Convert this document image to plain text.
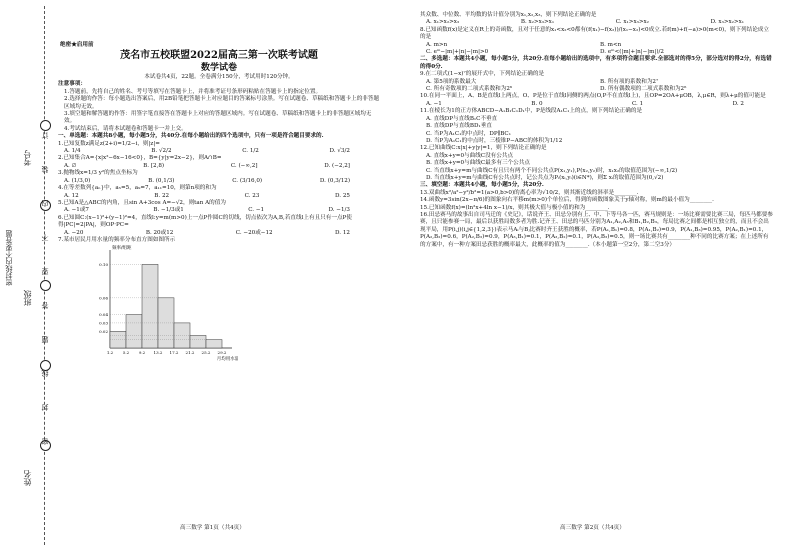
考号
班级
姓名
密封线内不要答题
订
装
内
不
要
答
题
线
封
密
绝密★启用前
茂名市五校联盟2022届高三第一次联考试题
数学试卷
本试卷共4页，22题。全卷满分150分，考试用时120分钟。
注意事项：
1.答题前，先将自己的姓名、考号等填写在答题卡上，并将准考证号条形码粘贴在答题卡上的指定位置。
2.选择题的作答：每小题选出答案后，用2B铅笔把答题卡上对应题目的答案标号涂黑。写在试题卷、草稿纸和答题卡上的非答题区域均无效。
3.填空题和解答题的作答：用签字笔直接答在答题卡上对应的答题区域内。写在试题卷、草稿纸和答题卡上的非答题区域均无效。
4.考试结束后，请将本试题卷和答题卡一并上交。
一、单选题：本题共8小题，每小题5分，共40分.在每小题给出的四个选项中，只有一项是符合题目要求的.
1.已知复数z满足z(2+i)=1/2−i，则|z|=
A. 1/4	B. √2/2	C. 1/2	D. √3/2
2.已知集合A={x|x²−6x−16<0}，B={y|y=2x−2}，则A∩B=
A. ∅	B. [2,8)	C. (−∞,2]	D. (−2,2]
3.抛物线x=1/3 y²的焦点坐标为
A. (1/3,0)	B. (0,1/3)	C. (3/16,0)	D. (0,3/12)
4.在等差数列{aₙ}中，a₅=5，a₉=7，a₁₁=10，则第n项的和为
A. 12	B. 22	C. 23	D. 25
5.已知A是△ABC的内角，且sin A+3cos A=−√2，则tan A的值为
A. −1或7	B. −1/3或1	C. −1	D. −1/3
6.已知圆C:(x−1)²+(y−1)²=4，直线l:y=m(m>0)上一点P作圆C的切线，切点依次为A,B,若直线l上有且只有一点P使得|PC|=2|PA|，则OP·PC=
A. −20	B. 20或12	C. −20或−12	D. 12
7.某市居民月用水量的频率分布直方图如图所示
1.2 5.2 9.2 13.2 17.2 21.2 25.2 29.2
0.02
0.03
0.04
0.06
0.10
频率/组距
月均用水量
其众数、中位数、平均数的估计值分别为x₁,x₂,x₃，则下列结论正确的是
A. x₁>x₂>x₃	B. x₂>x₃>x₁	C. x₁>x₃>x₂	D. x₃>x₂>x₁
8.已知函数f(x)是定义在R上的奇函数，且对于任意的x₁<x₂<0都有(f(x₁)−f(x₂))/(x₁−x₂)<0成立.若f(m)+f(−a)>0(m<0)，则下列结论成立的是
A. m>n	B. m<n
C. eᵐ−|m|+|n|−|m|>0	D. eᵐ<(|m|+|n|−|m|)/2
二、多选题：本题共4小题，每小题5分，共20分.在每小题给出的选项中，有多项符合题目要求.全部选对的得5分，部分选对的得2分，有选错的得0分.
9.在二项式(1−x)⁷的展开式中，下列结论正确的是
A. 第5项的系数最大	B. 所有项的系数和为2⁷
C. 所有奇数项的二项式系数和为2⁶	D. 所有偶数项的二项式系数和为2⁶
10.在同一平面上，A、B是直线l上两点，O、P是位于直线l同侧的两点(O,P不在直线l上)，且OP=2OA+μOB，λ,μ∈R，则λ+μ的值可能是
A. −1	B. 0	C. 1	D. 2
11.在棱长为1的正方体ABCD−A₁B₁C₁D₁中，P是线段A₁C₁上的点，则下列结论正确的是
A. 直线DP与直线B₁C不垂直
B. 直线DP与直线BD₁垂直
C. 当P为A₁C₁的中点时，DP∥BC₁
D. 当P为A₁C₁的中点时，三棱锥P−ABC的体积为1/12
12.已知曲线C:x|x|+y|y|=1，则下列结论正确的是
A. 直线x+y=0与曲线C没有公共点
B. 直线x+y=0与曲线C最多有三个公共点
C. 当直线x+y=m与曲线C有且只有两个不同公共点P(x₁,y₁),P(x₂,y₂)时，x₁x₂的取值范围为(−∞,1/2)
D. 当直线x+y=m与曲线C有公共点时，记公共点为Pᵢ(xᵢ,yᵢ)(i∈N*)，则Σ xᵢ的取值范围为(0,√2)
三、填空题：本题共4小题，每小题5分，共20分.
13.双曲线x²/a²−y²/b²=1(a>0,b>0)的离心率为√10/2，则其渐近线的斜率是________.
14.函数y=3sin(2x−π/6)的图象向右平移m(m>0)个单位后，得到的函数图象关于y轴对称，则m的最小值为________.
15.已知函数f(x)=(ln²x+4ln x−1)/x，则其极大值与极小值的和为________.
16.田忌赛马的故事出自司马迁的《史记》，话说齐王、田忌分别有上、中、下等马各一匹，赛马规则是：一场比赛需要比赛三局，每匹马都要参赛，且只能参赛一局，最后以获胜局数多者为胜.记齐王、田忌的马匹分别为A₁,A₂,A₃和B₁,B₂,B₃，每局比赛之间都是相互独立的，而且不会出现平局，用P(i,j)(i,j∈{1,2,3})表示马Aᵢ与Bⱼ比赛时齐王获胜的概率，若P(A₁,B₁)=0.8，P(A₁,B₂)=0.9，P(A₁,B₃)=0.95，P(A₂,B₁)=0.1，P(A₂,B₂)=0.6，P(A₂,B₃)=0.9，P(A₃,B₁)=0.1，P(A₃,B₂)=0.1，P(A₃,B₃)=0.5，则一场比赛共有________种不同的比赛方案；在上述所有的方案中，有一种方案田忌获胜的概率最大，此概率的值为________.（本小题第一空2分，第二空3分）
高三数学 第1页（共4页）	高三数学 第2页（共4页）
